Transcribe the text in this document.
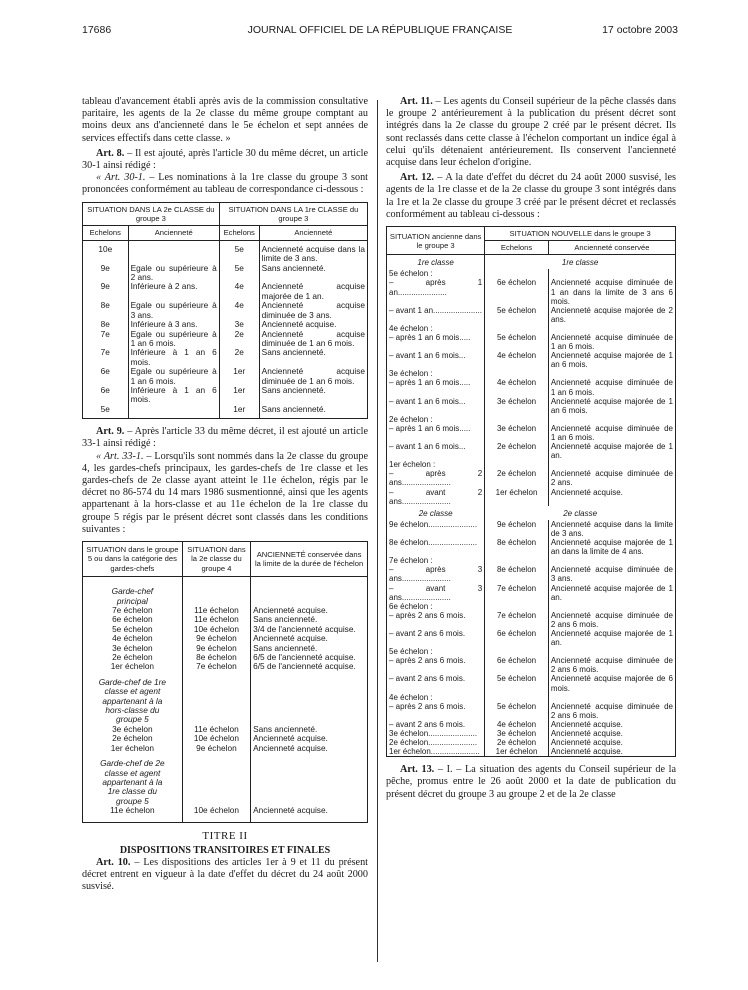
17686	JOURNAL OFFICIEL DE LA RÉPUBLIQUE FRANÇAISE	17 octobre 2003

tableau d'avancement établi après avis de la commission consultative paritaire, les agents de la 2e classe du même groupe comptant au moins deux ans d'ancienneté dans le 5e échelon et sept années de services effectifs dans cette classe. »

Art. 8. – Il est ajouté, après l'article 30 du même décret, un article 30-1 ainsi rédigé :

« Art. 30-1. – Les nominations à la 1re classe du groupe 3 sont prononcées conformément au tableau de correspondance ci-dessous :

SITUATION DANS LA 2e CLASSE du groupe 3		SITUATION DANS LA 1re CLASSE du groupe 3	
Echelons	Ancienneté	Echelons	Ancienneté
10e		5e	Ancienneté acquise dans la limite de 3 ans.
9e	Egale ou supérieure à 2 ans.	5e	Sans ancienneté.
9e	Inférieure à 2 ans.	4e	Ancienneté acquise majorée de 1 an.
8e	Egale ou supérieure à 3 ans.	4e	Ancienneté acquise diminuée de 3 ans.
8e	Inférieure à 3 ans.	3e	Ancienneté acquise.
7e	Egale ou supérieure à 1 an 6 mois.	2e	Ancienneté acquise diminuée de 1 an 6 mois.
7e	Inférieure à 1 an 6 mois.	2e	Sans ancienneté.
6e	Egale ou supérieure à 1 an 6 mois.	1er	Ancienneté acquise diminuée de 1 an 6 mois.
6e	Inférieure à 1 an 6 mois.	1er	Sans ancienneté.
5e		1er	Sans ancienneté.

Art. 9. – Après l'article 33 du même décret, il est ajouté un article 33-1 ainsi rédigé :

« Art. 33-1. – Lorsqu'ils sont nommés dans la 2e classe du groupe 4, les gardes-chefs principaux, les gardes-chefs de 1re classe et les gardes-chefs de 2e classe ayant atteint le 11e échelon, régis par le décret no 86-574 du 14 mars 1986 susmentionné, ainsi que les agents appartenant à la hors-classe et au 11e échelon de la 1re classe du groupe 5 régis par le présent décret sont classés dans les conditions suivantes :

SITUATION dans le groupe 5 ou dans la catégorie des gardes-chefs	SITUATION dans la 2e classe du groupe 4	ANCIENNETÉ conservée dans la limite de la durée de l'échelon
Garde-chef principal		
7e échelon	11e échelon	Ancienneté acquise.
6e échelon	11e échelon	Sans ancienneté.
5e échelon	10e échelon	3/4 de l'ancienneté acquise.
4e échelon	9e échelon	Ancienneté acquise.
3e échelon	9e échelon	Sans ancienneté.
2e échelon	8e échelon	6/5 de l'ancienneté acquise.
1er échelon	7e échelon	6/5 de l'ancienneté acquise.
Garde-chef de 1re classe et agent appartenant à la hors-classe du groupe 5		
3e échelon	11e échelon	Sans ancienneté.
2e échelon	10e échelon	Ancienneté acquise.
1er échelon	9e échelon	Ancienneté acquise.
Garde-chef de 2e classe et agent appartenant à la 1re classe du groupe 5		
11e échelon	10e échelon	Ancienneté acquise.

TITRE II
DISPOSITIONS TRANSITOIRES ET FINALES

Art. 10. – Les dispositions des articles 1er à 9 et 11 du présent décret entrent en vigueur à la date d'effet du décret du 24 août 2000 susvisé.

Art. 11. – Les agents du Conseil supérieur de la pêche classés dans le groupe 2 antérieurement à la publication du présent décret sont intégrés dans la 2e classe du groupe 2 créé par le présent décret. Ils sont reclassés dans cette classe à l'échelon comportant un indice égal à celui qu'ils détenaient antérieurement. Ils conservent l'ancienneté acquise dans leur échelon d'origine.

Art. 12. – A la date d'effet du décret du 24 août 2000 susvisé, les agents de la 1re classe et de la 2e classe du groupe 3 sont intégrés dans la 1re et la 2e classe du groupe 3 créé par le présent décret et reclassés conformément au tableau ci-dessous :

SITUATION ancienne dans le groupe 3	SITUATION NOUVELLE dans le groupe 3	
	Echelons	Ancienneté conservée
1re classe	1re classe	
5e échelon :		
– après 1 an......................	6e échelon	Ancienneté acquise diminuée de 1 an dans la limite de 3 ans 6 mois.
– avant 1 an......................	5e échelon	Ancienneté acquise majorée de 2 ans.
4e échelon :		
– après 1 an 6 mois.....	5e échelon	Ancienneté acquise diminuée de 1 an 6 mois.
– avant 1 an 6 mois...	4e échelon	Ancienneté acquise majorée de 1 an 6 mois.
3e échelon :		
– après 1 an 6 mois.....	4e échelon	Ancienneté acquise diminuée de 1 an 6 mois.
– avant 1 an 6 mois...	3e échelon	Ancienneté acquise majorée de 1 an 6 mois.
2e échelon :		
– après 1 an 6 mois.....	3e échelon	Ancienneté acquise diminuée de 1 an 6 mois.
– avant 1 an 6 mois...	2e échelon	Ancienneté acquise majorée de 1 an.
1er échelon :		
– après 2 ans......................	2e échelon	Ancienneté acquise diminuée de 2 ans.
– avant 2 ans......................	1er échelon	Ancienneté acquise.
2e classe	2e classe	
9e échelon......................	9e échelon	Ancienneté acquise dans la limite de 3 ans.
8e échelon......................	8e échelon	Ancienneté acquise majorée de 1 an dans la limite de 4 ans.
7e échelon :		
– après 3 ans......................	8e échelon	Ancienneté acquise diminuée de 3 ans.
– avant 3 ans......................	7e échelon	Ancienneté acquise majorée de 1 an.
6e échelon :		
– après 2 ans 6 mois.	7e échelon	Ancienneté acquise diminuée de 2 ans 6 mois.
– avant 2 ans 6 mois.	6e échelon	Ancienneté acquise majorée de 1 an.
5e échelon :		
– après 2 ans 6 mois.	6e échelon	Ancienneté acquise diminuée de 2 ans 6 mois.
– avant 2 ans 6 mois.	5e échelon	Ancienneté acquise majorée de 6 mois.
4e échelon :		
– après 2 ans 6 mois.	5e échelon	Ancienneté acquise diminuée de 2 ans 6 mois.
– avant 2 ans 6 mois.	4e échelon	Ancienneté acquise.
3e échelon......................	3e échelon	Ancienneté acquise.
2e échelon......................	2e échelon	Ancienneté acquise.
1er échelon......................	1er échelon	Ancienneté acquise.

Art. 13. – I. – La situation des agents du Conseil supérieur de la pêche, promus entre le 26 août 2000 et la date de publication du présent décret du groupe 3 au groupe 2 et de la 2e classe
